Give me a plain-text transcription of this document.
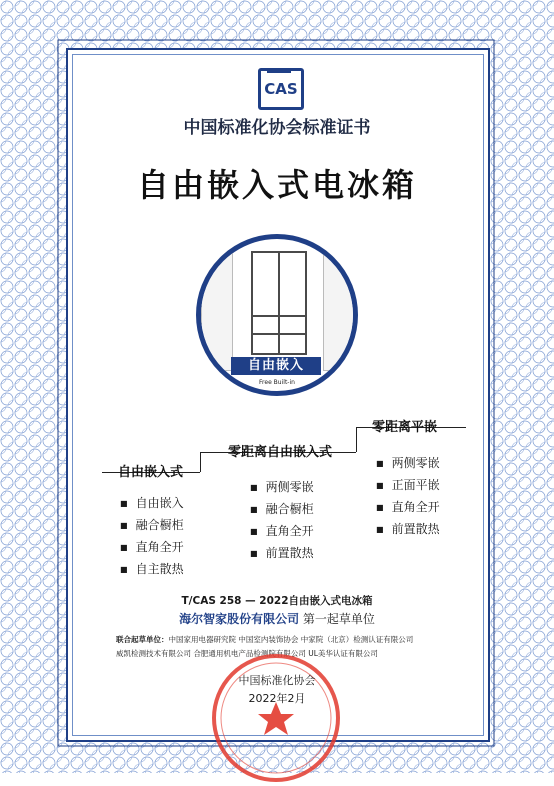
CAS
中国标准化协会标准证书
自由嵌入式电冰箱
自由嵌入
Free Built-in
自由嵌入式
零距离自由嵌入式
零距离平嵌
■ 自由嵌入
■ 融合橱柜
■ 直角全开
■ 自主散热
■ 两侧零嵌
■ 融合橱柜
■ 直角全开
■ 前置散热
■ 两侧零嵌
■ 正面平嵌
■ 直角全开
■ 前置散热
T/CAS 258 — 2022自由嵌入式电冰箱
海尔智家股份有限公司 第一起草单位
联合起草单位：中国家用电器研究院 中国室内装饰协会 中家院（北京）检测认证有限公司
威凯检测技术有限公司 合肥通用机电产品检测院有限公司 UL美华认证有限公司
中国标准化协会
2022年2月
